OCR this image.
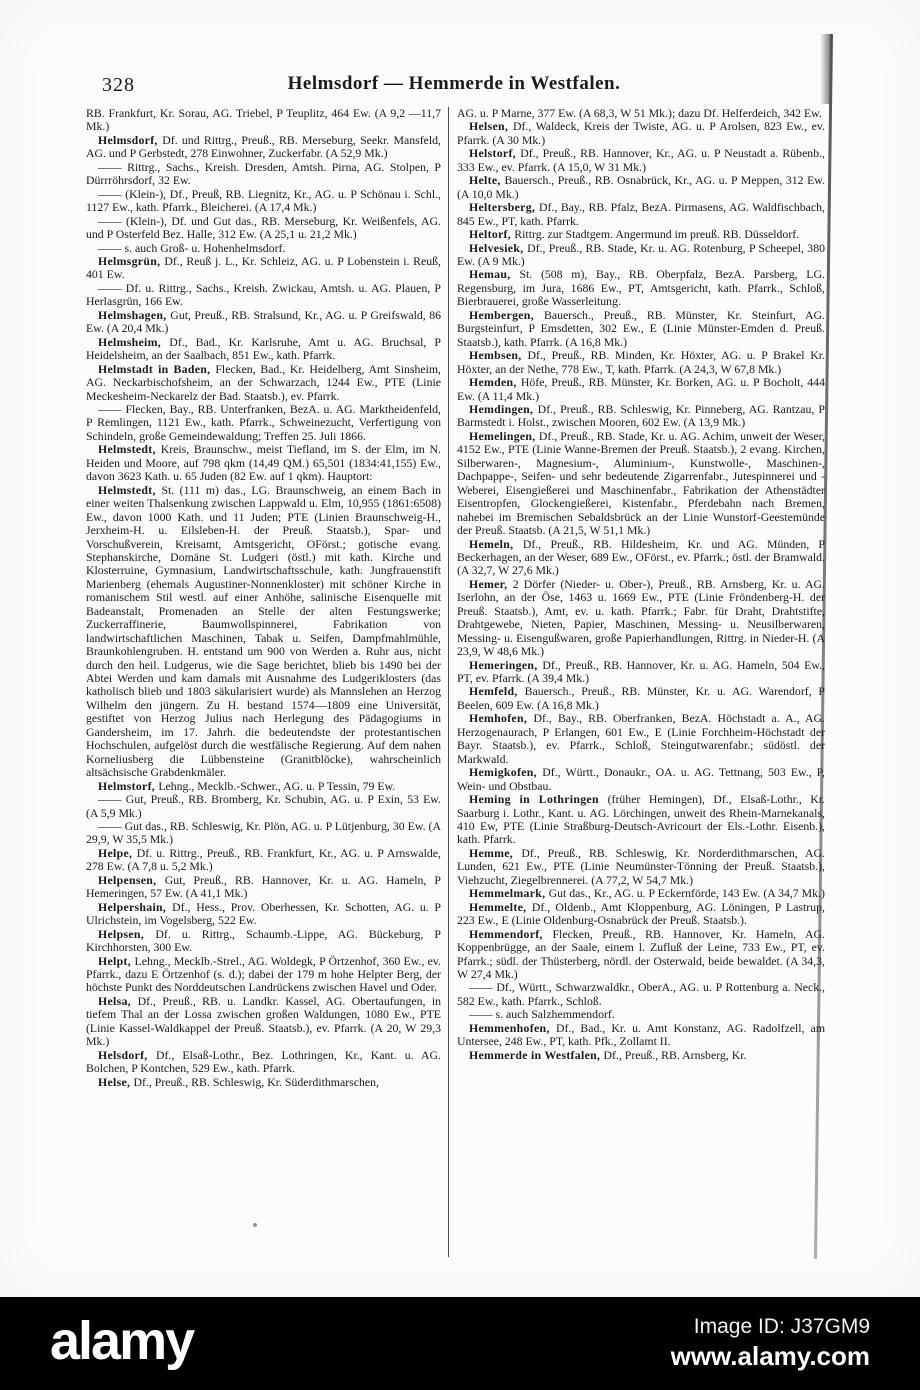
328	Helmsdorf — Hemmerde in Westfalen.

RB. Frankfurt, Kr. Sorau, AG. Triebel, P Teuplitz, 464 Ew. (A 9,2 —11,7 Mk.)

Helmsdorf, Df. und Rittrg., Preuß., RB. Merseburg, Seekr. Mansfeld, AG. und P Gerbstedt, 278 Einwohner, Zuckerfabr. (A 52,9 Mk.)

—— Rittrg., Sachs., Kreish. Dresden, Amtsh. Pirna, AG. Stolpen, P Dürrröhrsdorf, 32 Ew.

—— (Klein-), Df., Preuß, RB. Liegnitz, Kr., AG. u. P Schönau i. Schl., 1127 Ew., kath. Pfarrk., Bleicherei. (A 17,4 Mk.)

—— (Klein-), Df. und Gut das., RB. Merseburg, Kr. Weißenfels, AG. und P Osterfeld Bez. Halle, 312 Ew. (A 25,1 u. 21,2 Mk.)

—— s. auch Groß- u. Hohenhelmsdorf.

Helmsgrün, Df., Reuß j. L., Kr. Schleiz, AG. u. P Lobenstein i. Reuß, 401 Ew.

—— Df. u. Rittrg., Sachs., Kreish. Zwickau, Amtsh. u. AG. Plauen, P Herlasgrün, 166 Ew.

Helmshagen, Gut, Preuß., RB. Stralsund, Kr., AG. u. P Greifswald, 86 Ew. (A 20,4 Mk.)

Helmsheim, Df., Bad., Kr. Karlsruhe, Amt u. AG. Bruchsal, P Heidelsheim, an der Saalbach, 851 Ew., kath. Pfarrk.

Helmstadt in Baden, Flecken, Bad., Kr. Heidelberg, Amt Sinsheim, AG. Neckarbischofsheim, an der Schwarzach, 1244 Ew., PTE (Linie Meckesheim-Neckarelz der Bad. Staatsb.), ev. Pfarrk.

—— Flecken, Bay., RB. Unterfranken, BezA. u. AG. Marktheidenfeld, P Remlingen, 1121 Ew., kath. Pfarrk., Schweinezucht, Verfertigung von Schindeln, große Gemeindewaldung; Treffen 25. Juli 1866.

Helmstedt, Kreis, Braunschw., meist Tiefland, im S. der Elm, im N. Heiden und Moore, auf 798 qkm (14,49 QM.) 65,501 (1834:41,155) Ew., davon 3623 Kath. u. 65 Juden (82 Ew. auf 1 qkm). Hauptort:

Helmstedt, St. (111 m) das., LG. Braunschweig, an einem Bach in einer weiten Thalsenkung zwischen Lappwald u. Elm, 10,955 (1861:6508) Ew., davon 1000 Kath. und 11 Juden; PTE (Linien Braunschweig-H., Jerxheim-H. u. Eilsleben-H. der Preuß. Staatsb.), Spar- und Vorschußverein, Kreisamt, Amtsgericht, OFörst.; gotische evang. Stephanskirche, Domäne St. Ludgeri (östl.) mit kath. Kirche und Klosterruine, Gymnasium, Landwirtschaftsschule, kath. Jungfrauenstift Marienberg (ehemals Augustiner-Nonnenkloster) mit schöner Kirche in romanischem Stil westl. auf einer Anhöhe, salinische Eisenquelle mit Badeanstalt, Promenaden an Stelle der alten Festungswerke; Zuckerraffinerie, Baumwollspinnerei, Fabrikation von landwirtschaftlichen Maschinen, Tabak u. Seifen, Dampfmahlmühle, Braunkohlengruben. H. entstand um 900 von Werden a. Ruhr aus, nicht durch den heil. Ludgerus, wie die Sage berichtet, blieb bis 1490 bei der Abtei Werden und kam damals mit Ausnahme des Ludgeriklosters (das katholisch blieb und 1803 säkularisiert wurde) als Mannslehen an Herzog Wilhelm den jüngern. Zu H. bestand 1574—1809 eine Universität, gestiftet von Herzog Julius nach Herlegung des Pädagogiums in Gandersheim, im 17. Jahrh. die bedeutendste der protestantischen Hochschulen, aufgelöst durch die westfälische Regierung. Auf dem nahen Korneliusberg die Lübbensteine (Granitblöcke), wahrscheinlich altsächsische Grabdenkmäler.

Helmstorf, Lehng., Mecklb.-Schwer., AG. u. P Tessin, 79 Ew.

—— Gut, Preuß., RB. Bromberg, Kr. Schubin, AG. u. P Exin, 53 Ew. (A 5,9 Mk.)

—— Gut das., RB. Schleswig, Kr. Plön, AG. u. P Lütjenburg, 30 Ew. (A 29,9, W 35,5 Mk.)

Helpe, Df. u. Rittrg., Preuß., RB. Frankfurt, Kr., AG. u. P Arnswalde, 278 Ew. (A 7,8 u. 5,2 Mk.)

Helpensen, Gut, Preuß., RB. Hannover, Kr. u. AG. Hameln, P Hemeringen, 57 Ew. (A 41,1 Mk.)

Helpershain, Df., Hess., Prov. Oberhessen, Kr. Schotten, AG. u. P Ulrichstein, im Vogelsberg, 522 Ew.

Helpsen, Df. u. Rittrg., Schaumb.-Lippe, AG. Bückeburg, P Kirchhorsten, 300 Ew.

Helpt, Lehng., Mecklb.-Strel., AG. Woldegk, P Örtzenhof, 360 Ew., ev. Pfarrk., dazu E Örtzenhof (s. d.); dabei der 179 m hohe Helpter Berg, der höchste Punkt des Norddeutschen Landrückens zwischen Havel und Oder.

Helsa, Df., Preuß., RB. u. Landkr. Kassel, AG. Obertaufungen, in tiefem Thal an der Lossa zwischen großen Waldungen, 1080 Ew., PTE (Linie Kassel-Waldkappel der Preuß. Staatsb.), ev. Pfarrk. (A 20, W 29,3 Mk.)

Helsdorf, Df., Elsaß-Lothr., Bez. Lothringen, Kr., Kant. u. AG. Bolchen, P Kontchen, 529 Ew., kath. Pfarrk.

Helse, Df., Preuß., RB. Schleswig, Kr. Süderdithmarschen,

AG. u. P Marne, 377 Ew. (A 68,3, W 51 Mk.); dazu Df. Helferdeich, 342 Ew.

Helsen, Df., Waldeck, Kreis der Twiste, AG. u. P Arolsen, 823 Ew., ev. Pfarrk. (A 30 Mk.)

Helstorf, Df., Preuß., RB. Hannover, Kr., AG. u. P Neustadt a. Rübenb., 333 Ew., ev. Pfarrk. (A 15,0, W 31 Mk.)

Helte, Bauersch., Preuß., RB. Osnabrück, Kr., AG. u. P Meppen, 312 Ew. (A 10,0 Mk.)

Heltersberg, Df., Bay., RB. Pfalz, BezA. Pirmasens, AG. Waldfischbach, 845 Ew., PT, kath. Pfarrk.

Heltorf, Rittrg. zur Stadtgem. Angermund im preuß. RB. Düsseldorf.

Helvesiek, Df., Preuß., RB. Stade, Kr. u. AG. Rotenburg, P Scheepel, 380 Ew. (A 9 Mk.)

Hemau, St. (508 m), Bay., RB. Oberpfalz, BezA. Parsberg, LG. Regensburg, im Jura, 1686 Ew., PT, Amtsgericht, kath. Pfarrk., Schloß, Bierbrauerei, große Wasserleitung.

Hembergen, Bauersch., Preuß., RB. Münster, Kr. Steinfurt, AG. Burgsteinfurt, P Emsdetten, 302 Ew., E (Linie Münster-Emden d. Preuß. Staatsb.), kath. Pfarrk. (A 16,8 Mk.)

Hembsen, Df., Preuß., RB. Minden, Kr. Höxter, AG. u. P Brakel Kr. Höxter, an der Nethe, 778 Ew., T, kath. Pfarrk. (A 24,3, W 67,8 Mk.)

Hemden, Höfe, Preuß., RB. Münster, Kr. Borken, AG. u. P Bocholt, 444 Ew. (A 11,4 Mk.)

Hemdingen, Df., Preuß., RB. Schleswig, Kr. Pinneberg, AG. Rantzau, P Barmstedt i. Holst., zwischen Mooren, 602 Ew. (A 13,9 Mk.)

Hemelingen, Df., Preuß., RB. Stade, Kr. u. AG. Achim, unweit der Weser, 4152 Ew., PTE (Linie Wanne-Bremen der Preuß. Staatsb.), 2 evang. Kirchen, Silberwaren-, Magnesium-, Aluminium-, Kunstwolle-, Maschinen-, Dachpappe-, Seifen- und sehr bedeutende Zigarrenfabr., Jutespinnerei und -Weberei, Eisengießerei und Maschinenfabr., Fabrikation der Athenstädter Eisentropfen, Glockengießerei, Kistenfabr., Pferdebahn nach Bremen, nahebei im Bremischen Sebaldsbrück an der Linie Wunstorf-Geestemünde der Preuß. Staatsb. (A 21,5, W 51,1 Mk.)

Hemeln, Df., Preuß., RB. Hildesheim, Kr. und AG. Münden, P Beckerhagen, an der Weser, 689 Ew., OFörst., ev. Pfarrk.; östl. der Bramwald. (A 32,7, W 27,6 Mk.)

Hemer, 2 Dörfer (Nieder- u. Ober-), Preuß., RB. Arnsberg, Kr. u. AG. Iserlohn, an der Öse, 1463 u. 1669 Ew., PTE (Linie Fröndenberg-H. der Preuß. Staatsb.), Amt, ev. u. kath. Pfarrk.; Fabr. für Draht, Drahtstifte, Drahtgewebe, Nieten, Papier, Maschinen, Messing- u. Neusilberwaren, Messing- u. Eisengußwaren, große Papierhandlungen, Rittrg. in Nieder-H. (A 23,9, W 48,6 Mk.)

Hemeringen, Df., Preuß., RB. Hannover, Kr. u. AG. Hameln, 504 Ew., PT, ev. Pfarrk. (A 39,4 Mk.)

Hemfeld, Bauersch., Preuß., RB. Münster, Kr. u. AG. Warendorf, P Beelen, 609 Ew. (A 16,8 Mk.)

Hemhofen, Df., Bay., RB. Oberfranken, BezA. Höchstadt a. A., AG. Herzogenaurach, P Erlangen, 601 Ew., E (Linie Forchheim-Höchstadt der Bayr. Staatsb.), ev. Pfarrk., Schloß, Steingutwarenfabr.; südöstl. der Markwald.

Hemigkofen, Df., Württ., Donaukr., OA. u. AG. Tettnang, 503 Ew., P, Wein- und Obstbau.

Heming in Lothringen (früher Hemingen), Df., Elsaß-Lothr., Kr. Saarburg i. Lothr., Kant. u. AG. Lörchingen, unweit des Rhein-Marnekanals, 410 Ew, PTE (Linie Straßburg-Deutsch-Avricourt der Els.-Lothr. Eisenb.), kath. Pfarrk.

Hemme, Df., Preuß., RB. Schleswig, Kr. Norderdithmarschen, AG. Lunden, 621 Ew., PTE (Linie Neumünster-Tönning der Preuß. Staatsb.), Viehzucht, Ziegelbrennerei. (A 77,2, W 54,7 Mk.)

Hemmelmark, Gut das., Kr., AG. u. P Eckernförde, 143 Ew. (A 34,7 Mk.)

Hemmelte, Df., Oldenb., Amt Kloppenburg, AG. Löningen, P Lastrup, 223 Ew., E (Linie Oldenburg-Osnabrück der Preuß. Staatsb.).

Hemmendorf, Flecken, Preuß., RB. Hannover, Kr. Hameln, AG. Koppenbrügge, an der Saale, einem l. Zufluß der Leine, 733 Ew., PT, ev. Pfarrk.; südl. der Thüsterberg, nördl. der Osterwald, beide bewaldet. (A 34,3, W 27,4 Mk.)

—— Df., Württ., Schwarzwaldkr., OberA., AG. u. P Rottenburg a. Neck., 582 Ew., kath. Pfarrk., Schloß.

—— s. auch Salzhemmendorf.

Hemmenhofen, Df., Bad., Kr. u. Amt Konstanz, AG. Radolfzell, am Untersee, 248 Ew., PT, kath. Pfk., Zollamt II.

Hemmerde in Westfalen, Df., Preuß., RB. Arnsberg, Kr.

alamy	Image ID: J37GM9
www.alamy.com
